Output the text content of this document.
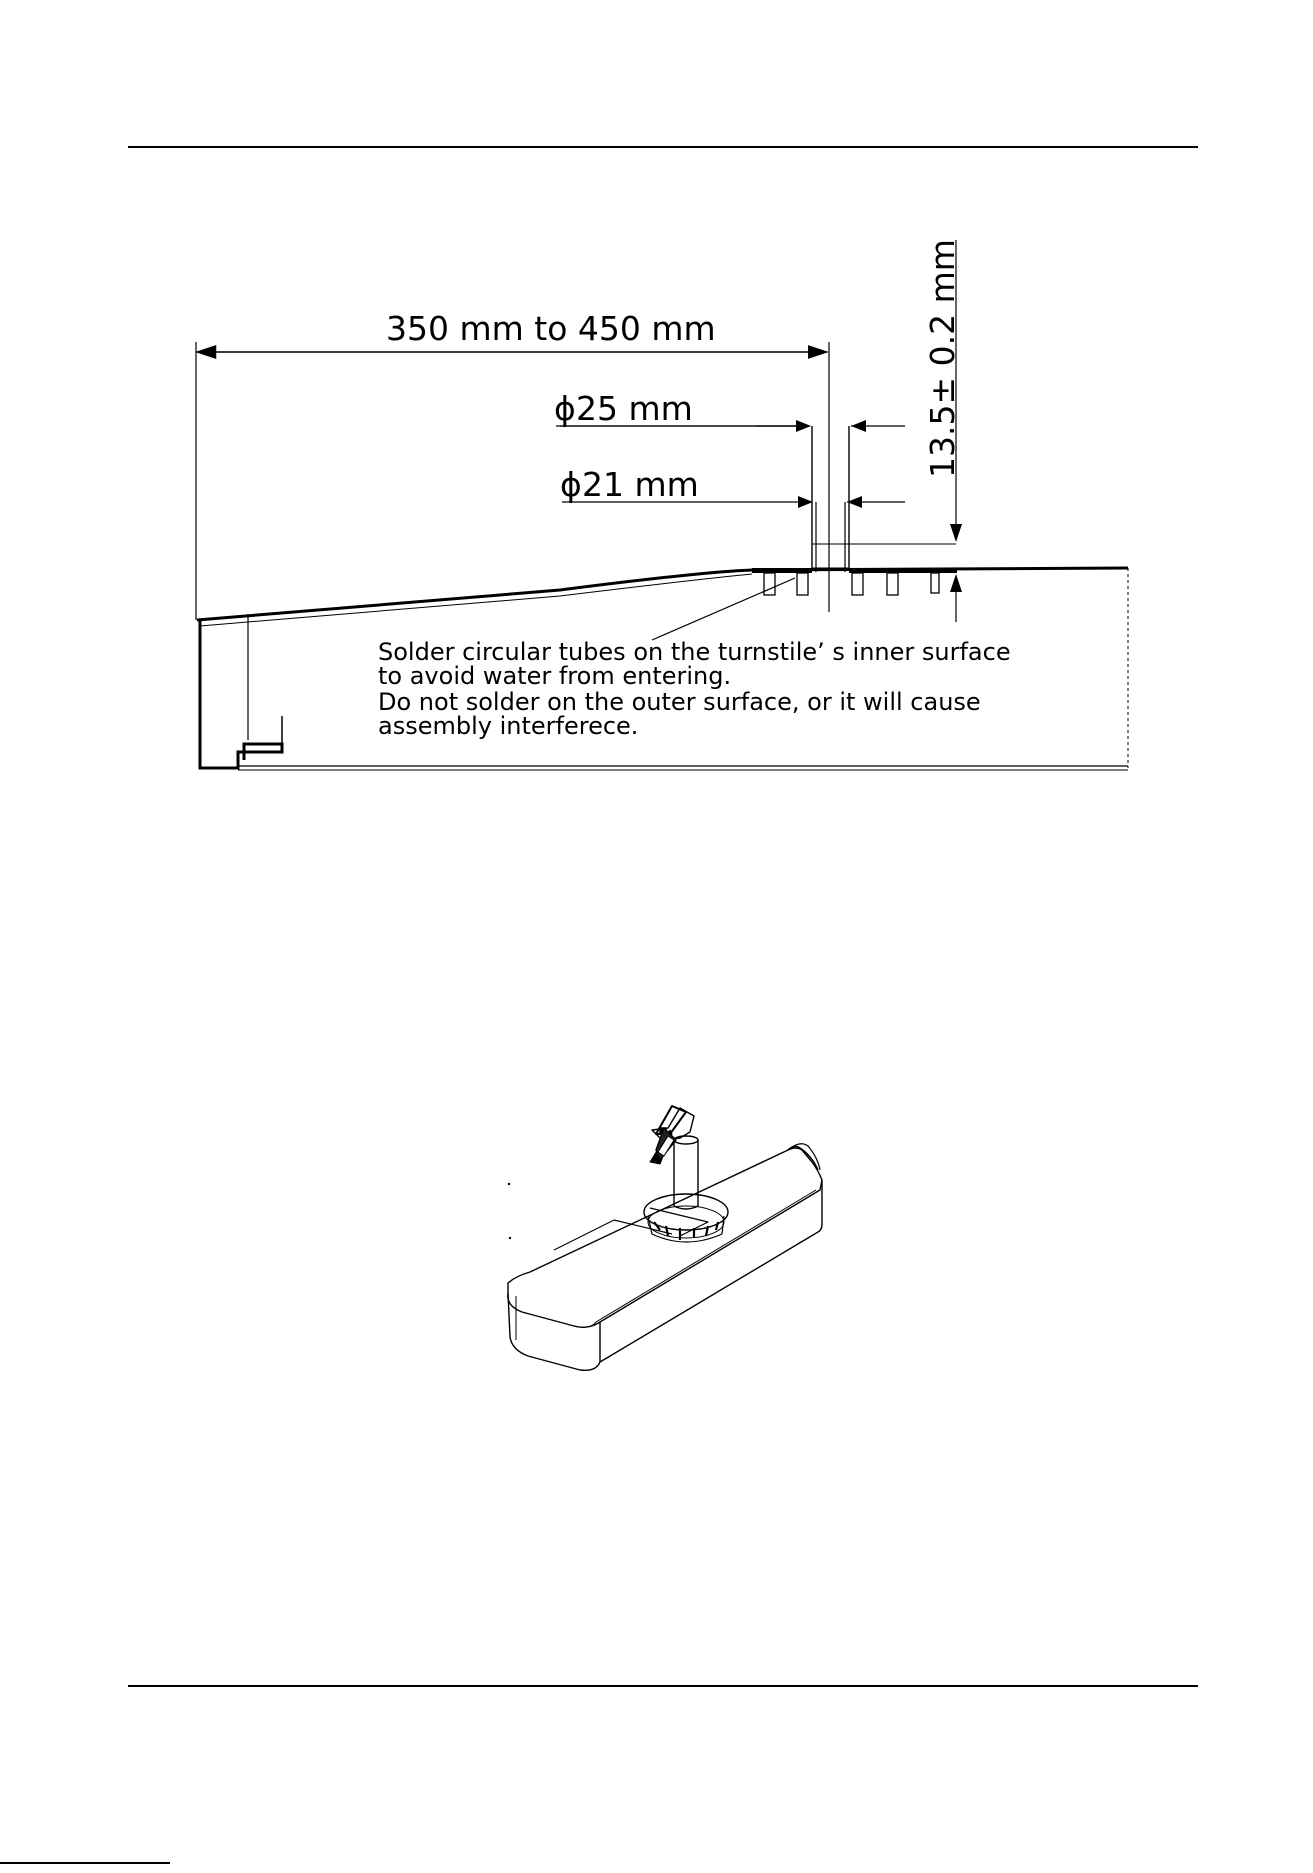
350 mm to 450 mm
ϕ 25 mm
ϕ 21 mm
13.5± 0.2 mm
Solder circular tubes on the turnstile’ s inner surface
to avoid water from entering.
Do not solder on the outer surface, or it will cause
assembly interferece.
